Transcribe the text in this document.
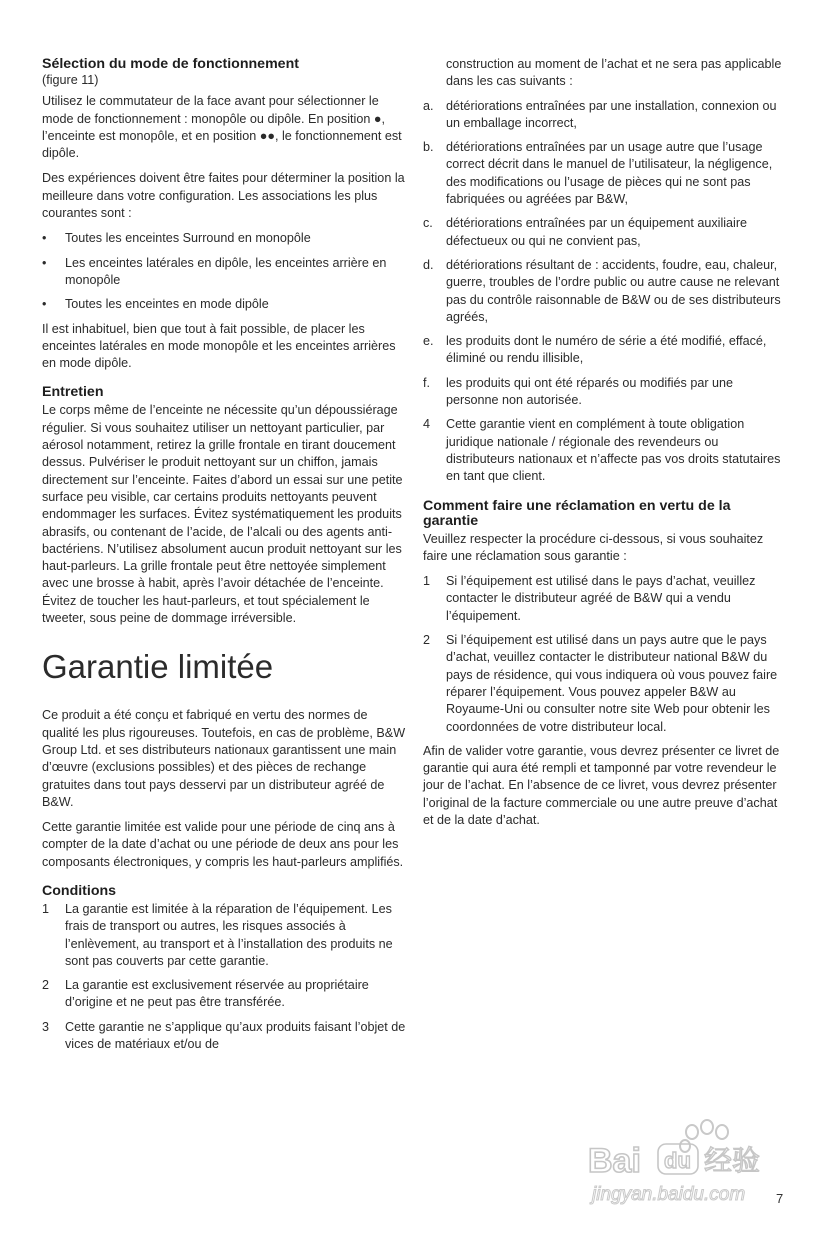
Sélection du mode de fonctionnement
(figure 11)

Utilisez le commutateur de la face avant pour sélectionner le mode de fonctionnement : monopôle ou dipôle. En position ●, l’enceinte est monopôle, et en position ●●, le fonctionnement est dipôle.

Des expériences doivent être faites pour déterminer la position la meilleure dans votre configuration. Les associations les plus courantes sont :

• Toutes les enceintes Surround en monopôle
• Les enceintes latérales en dipôle, les enceintes arrière en monopôle
• Toutes les enceintes en mode dipôle

Il est inhabituel, bien que tout à fait possible, de placer les enceintes latérales en mode monopôle et les enceintes arrières en mode dipôle.

Entretien

Le corps même de l’enceinte ne nécessite qu’un dépoussiérage régulier. Si vous souhaitez utiliser un nettoyant particulier, par aérosol notamment, retirez la grille frontale en tirant doucement dessus. Pulvériser le produit nettoyant sur un chiffon, jamais directement sur l’enceinte. Faites d’abord un essai sur une petite surface peu visible, car certains produits nettoyants peuvent endommager les surfaces. Évitez systématiquement les produits abrasifs, ou contenant de l’acide, de l’alcali ou des agents anti-bactériens. N’utilisez absolument aucun produit nettoyant sur les haut-parleurs. La grille frontale peut être nettoyée simplement avec une brosse à habit, après l’avoir détachée de l’enceinte. Évitez de toucher les haut-parleurs, et tout spécialement le tweeter, sous peine de dommage irréversible.

Garantie limitée

Ce produit a été conçu et fabriqué en vertu des normes de qualité les plus rigoureuses. Toutefois, en cas de problème, B&W Group Ltd. et ses distributeurs nationaux garantissent une main d’œuvre (exclusions possibles) et des pièces de rechange gratuites dans tout pays desservi par un distributeur agréé de B&W.

Cette garantie limitée est valide pour une période de cinq ans à compter de la date d’achat ou une période de deux ans pour les composants électroniques, y compris les haut-parleurs amplifiés.

Conditions
1 La garantie est limitée à la réparation de l’équipement. Les frais de transport ou autres, les risques associés à l’enlèvement, au transport et à l’installation des produits ne sont pas couverts par cette garantie.
2 La garantie est exclusivement réservée au propriétaire d’origine et ne peut pas être transférée.
3 Cette garantie ne s’applique qu’aux produits faisant l’objet de vices de matériaux et/ou de
construction au moment de l’achat et ne sera pas applicable dans les cas suivants :
a. détériorations entraînées par une installation, connexion ou un emballage incorrect,
b. détériorations entraînées par un usage autre que l’usage correct décrit dans le manuel de l’utilisateur, la négligence, des modifications ou l’usage de pièces qui ne sont pas fabriquées ou agréées par B&W,
c. détériorations entraînées par un équipement auxiliaire défectueux ou qui ne convient pas,
d. détériorations résultant de : accidents, foudre, eau, chaleur, guerre, troubles de l’ordre public ou autre cause ne relevant pas du contrôle raisonnable de B&W ou de ses distributeurs agréés,
e. les produits dont le numéro de série a été modifié, effacé, éliminé ou rendu illisible,
f. les produits qui ont été réparés ou modifiés par une personne non autorisée.
4 Cette garantie vient en complément à toute obligation juridique nationale / régionale des revendeurs ou distributeurs nationaux et n’affecte pas vos droits statutaires en tant que client.
Comment faire une réclamation en vertu de la garantie

Veuillez respecter la procédure ci-dessous, si vous souhaitez faire une réclamation sous garantie :

1 Si l’équipement est utilisé dans le pays d’achat, veuillez contacter le distributeur agréé de B&W qui a vendu l’équipement.
2 Si l’équipement est utilisé dans un pays autre que le pays d’achat, veuillez contacter le distributeur national B&W du pays de résidence, qui vous indiquera où vous pouvez faire réparer l’équipement. Vous pouvez appeler B&W au Royaume-Uni ou consulter notre site Web pour obtenir les coordonnées de votre distributeur local.

Afin de valider votre garantie, vous devrez présenter ce livret de garantie qui aura été rempli et tamponné par votre revendeur le jour de l’achat. En l’absence de ce livret, vous devrez présenter l’original de la facture commerciale ou une autre preuve d’achat et de la date d’achat.

Bai du 经验
jingyan.baidu.com 7
